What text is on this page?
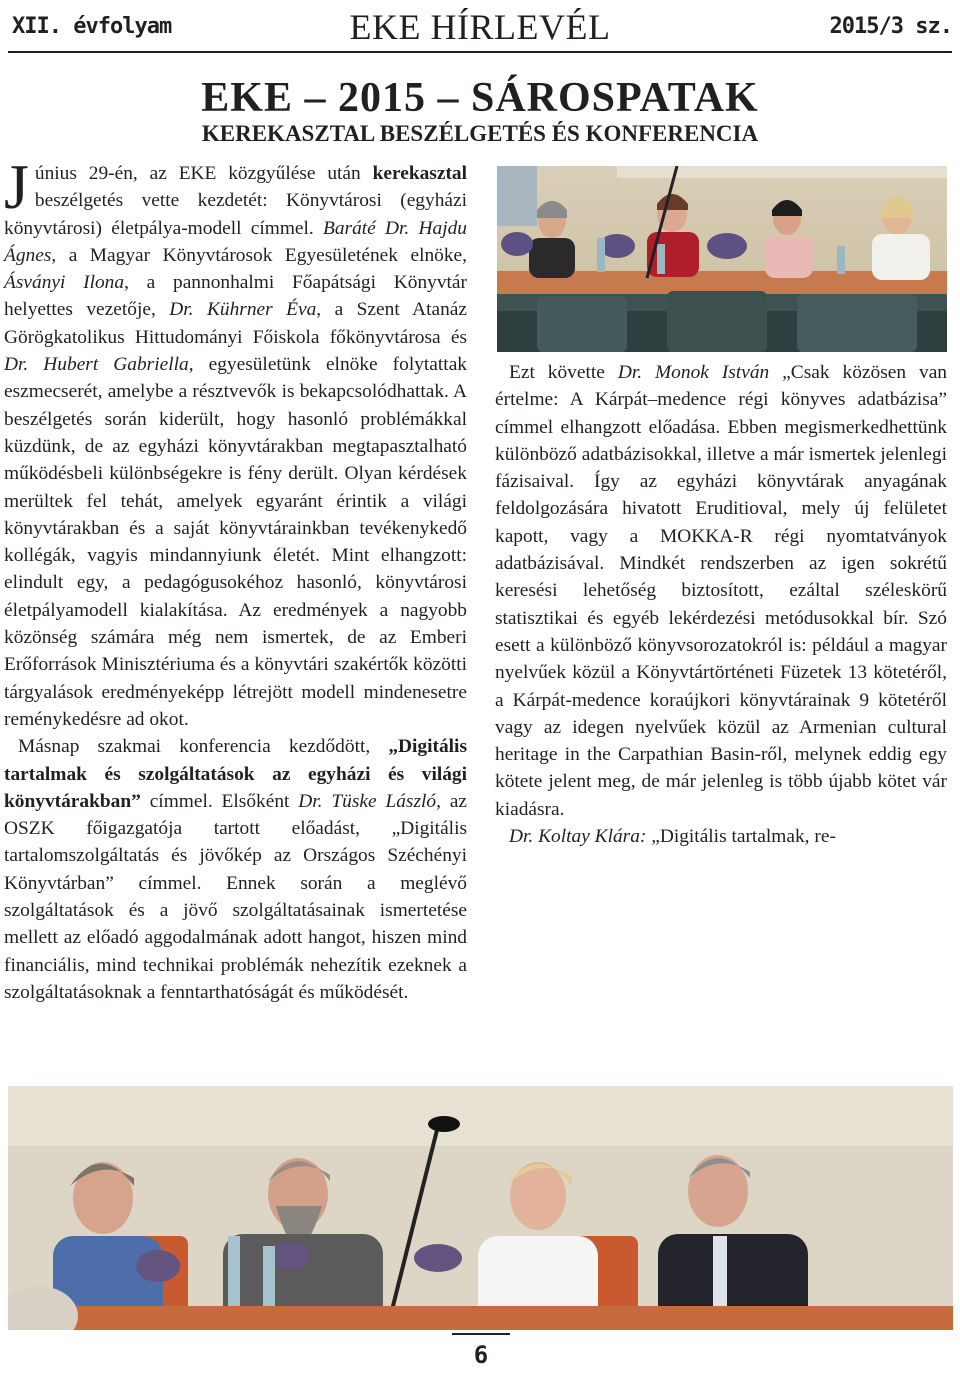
XII. évfolyam	EKE HÍRLEVÉL	2015/3 sz.
EKE – 2015 – SÁROSPATAK
KEREKASZTAL BESZÉLGETÉS ÉS KONFERENCIA

Június 29-én, az EKE közgyűlése után kerekasztal beszélgetés vette kezdetét: Könyvtárosi (egyházi könyvtárosi) életpálya-modell címmel. Baráté Dr. Hajdu Ágnes, a Magyar Könyvtárosok Egyesületének elnöke, Ásványi Ilona, a pannonhalmi Főapátsági Könyvtár helyettes vezetője, Dr. Kührner Éva, a Szent Atanáz Görögkatolikus Hittudományi Főiskola főkönyvtárosa és Dr. Hubert Gabriella, egyesületünk elnöke folytattak eszmecserét, amelybe a résztvevők is bekapcsolódhattak. A beszélgetés során kiderült, hogy hasonló problémákkal küzdünk, de az egyházi könyvtárakban megtapasztalható működésbeli különbségekre is fény derült. Olyan kérdések merültek fel tehát, amelyek egyaránt érintik a világi könyvtárakban és a saját könyvtárainkban tevékenykedő kollégák, vagyis mindannyiunk életét. Mint elhangzott: elindult egy, a pedagógusokéhoz hasonló, könyvtárosi életpályamodell kialakítása. Az eredmények a nagyobb közönség számára még nem ismertek, de az Emberi Erőforrások Minisztériuma és a könyvtári szakértők közötti tárgyalások eredményeképp létrejött modell mindenesetre reménykedésre ad okot.

Másnap szakmai konferencia kezdődött, „Digitális tartalmak és szolgáltatások az egyházi és világi könyvtárakban” címmel. Elsőként Dr. Tüske László, az OSZK főigazgatója tartott előadást, „Digitális tartalomszolgáltatás és jövőkép az Országos Széchényi Könyvtárban” címmel. Ennek során a meglévő szolgáltatások és a jövő szolgáltatásainak ismertetése mellett az előadó aggodalmának adott hangot, hiszen mind financiális, mind technikai problémák nehezítik ezeknek a szolgáltatásoknak a fenntarthatóságát és működését.

Ezt követte Dr. Monok István „Csak közösen van értelme: A Kárpát–medence régi könyves adatbázisa” címmel elhangzott előadása. Ebben megismerkedhettünk különböző adatbázisokkal, illetve a már ismertek jelenlegi fázisaival. Így az egyházi könyvtárak anyagának feldolgozására hivatott Eruditioval, mely új felületet kapott, vagy a MOKKA-R régi nyomtatványok adatbázisával. Mindkét rendszerben az igen sokrétű keresési lehetőség biztosított, ezáltal széleskörű statisztikai és egyéb lekérdezési metódusokkal bír. Szó esett a különböző könyvsorozatokról is: például a magyar nyelvűek közül a Könyvtártörténeti Füzetek 13 kötetéről, a Kárpát-medence koraújkori könyvtárainak 9 kötetéről vagy az idegen nyelvűek közül az Armenian cultural heritage in the Carpathian Basin-ről, melynek eddig egy kötete jelent meg, de már jelenleg is több újabb kötet vár kiadásra.

Dr. Koltay Klára: „Digitális tartalmak, re-

6
